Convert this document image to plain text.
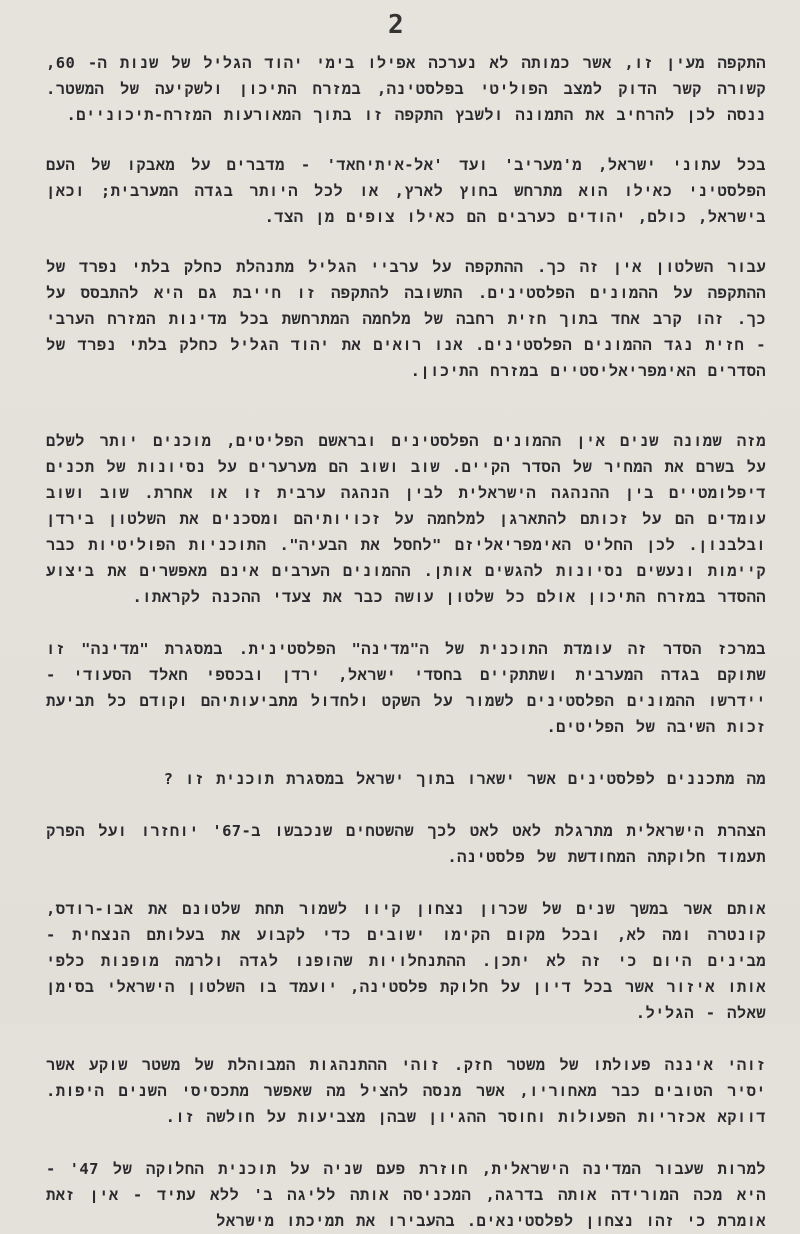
2

התקפה מעין זו, אשר כמותה לא נערכה אפילו בימי יהוד הגליל של שנות ה- 60, קשורה קשר הדוק למצב הפוליטי בפלסטינה, במזרח התיכון ולשקיעה של המשטר. ננסה לכן להרחיב את התמונה ולשבץ התקפה זו בתוך המאורעות המזרח-תיכוניים.

בכל עתוני ישראל, מ'מעריב' ועד 'אל-איתיחאד' - מדברים על מאבקו של העם הפלסטיני כאילו הוא מתרחש בחוץ לארץ, או לכל היותר בגדה המערבית; וכאן בישראל, כולם, יהודים כערבים הם כאילו צופים מן הצד.

עבור השלטון אין זה כך. ההתקפה על ערביי הגליל מתנהלת כחלק בלתי נפרד של ההתקפה על ההמונים הפלסטינים. התשובה להתקפה זו חייבת גם היא להתבסס על כך. זהו קרב אחד בתוך חזית רחבה של מלחמה המתרחשת בכל מדינות המזרח הערבי - חזית נגד ההמונים הפלסטינים. אנו רואים את יהוד הגליל כחלק בלתי נפרד של הסדרים האימפריאליסטיים במזרח התיכון.

מזה שמונה שנים אין ההמונים הפלסטינים ובראשם הפליטים, מוכנים יותר לשלם על בשרם את המחיר של הסדר הקיים. שוב ושוב הם מערערים על נסיונות של תכנים דיפלומטיים בין ההנהגה הישראלית לבין הנהגה ערבית זו או אחרת. שוב ושוב עומדים הם על זכותם להתארגן למלחמה על זכויותיהם ומסכנים את השלטון בירדן ובלבנון. לכן החליט האימפריאליזם "לחסל את הבעיה". התוכניות הפוליטיות כבר קיימות ונעשים נסיונות להגשים אותן. ההמונים הערבים אינם מאפשרים את ביצוע ההסדר במזרח התיכון אולם כל שלטון עושה כבר את צעדי ההכנה לקראתו.

במרכז הסדר זה עומדת התוכנית של ה"מדינה" הפלסטינית. במסגרת "מדינה" זו שתוקם בגדה המערבית ושתתקיים בחסדי ישראל, ירדן ובכספי חאלד הסעודי - יידרשו ההמונים הפלסטינים לשמור על השקט ולחדול מתביעותיהם וקודם כל תביעת זכות השיבה של הפליטים.

מה מתכננים לפלסטינים אשר ישארו בתוך ישראל במסגרת תוכנית זו ?

הצהרת הישראלית מתרגלת לאט לאט לכך שהשטחים שנכבשו ב-67' יוחזרו ועל הפרק תעמוד חלוקתה המחודשת של פלסטינה.

אותם אשר במשך שנים של שכרון נצחון קיוו לשמור תחת שלטונם את אבו-רודס, קונטרה ומה לא, ובכל מקום הקימו ישובים כדי לקבוע את בעלותם הנצחית - מבינים היום כי זה לא יתכן. ההתנחלויות שהופנו לגדה ולרמה מופנות כלפי אותו איזור אשר בכל דיון על חלוקת פלסטינה, יועמד בו השלטון הישראלי בסימן שאלה - הגליל.

זוהי איננה פעולתו של משטר חזק. זוהי ההתנהגות המבוהלת של משטר שוקע אשר יסיר הטובים כבר מאחוריו, אשר מנסה להציל מה שאפשר מתכסיסי השנים היפות. דווקא אכזריות הפעולות וחוסר ההגיון שבהן מצביעות על חולשה זו.

למרות שעבור המדינה הישראלית, חוזרת פעם שניה על תוכנית החלוקה של 47' - היא מכה המורידה אותה בדרגה, המכניסה אותה לליגה ב' ללא עתיד - אין זאת אומרת כי זהו נצחון לפלסטינאים. בהעבירו את תמיכתו מישראל
